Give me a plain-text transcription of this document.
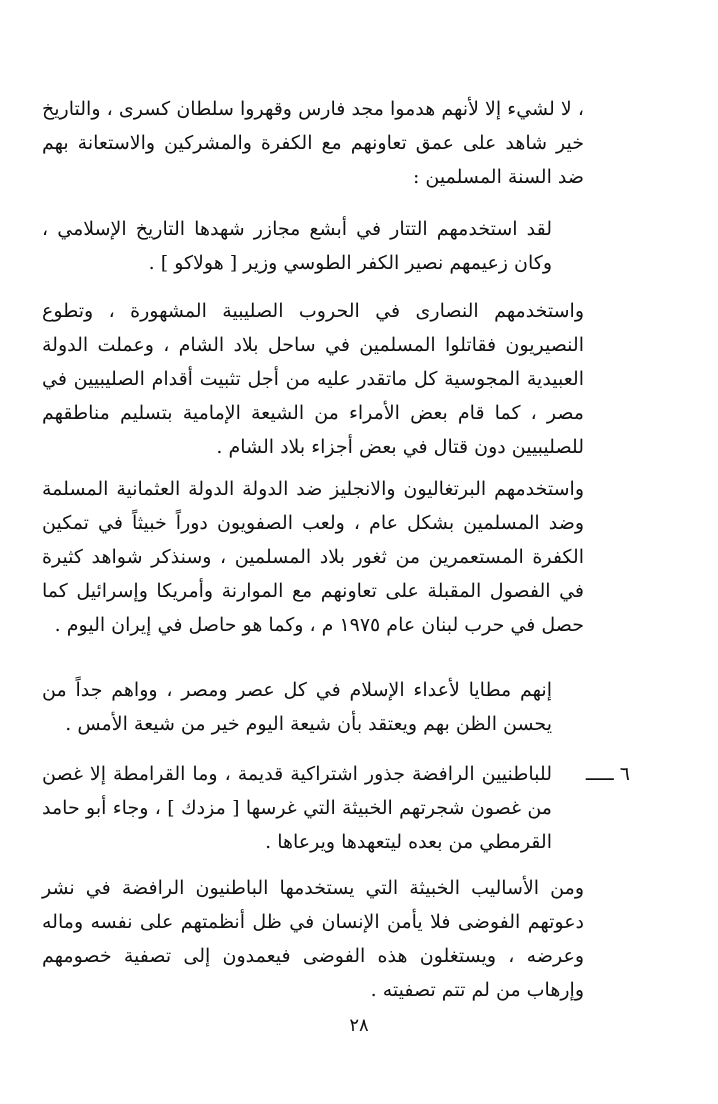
، لا لشيء إلا لأنهم هدموا مجد فارس وقهروا سلطان كسرى ، والتاريخ خير شاهد على عمق تعاونهم مع الكفرة والمشركين والاستعانة بهم ضد السنة المسلمين :

لقد استخدمهم التتار في أبشع مجازر شهدها التاريخ الإسلامي ، وكان زعيمهم نصير الكفر الطوسي وزير [ هولاكو ] .

واستخدمهم النصارى في الحروب الصليبية المشهورة ، وتطوع النصيريون فقاتلوا المسلمين في ساحل بلاد الشام ، وعملت الدولة العبيدية المجوسية كل ماتقدر عليه من أجل تثبيت أقدام الصليبيين في مصر ، كما قام بعض الأمراء من الشيعة الإمامية بتسليم مناطقهم للصليبيين دون قتال في بعض أجزاء بلاد الشام .

واستخدمهم البرتغاليون والانجليز ضد الدولة الدولة العثمانية المسلمة وضد المسلمين بشكل عام ، ولعب الصفويون دوراً خبيثاً في تمكين الكفرة المستعمرين من ثغور بلاد المسلمين ، وسنذكر شواهد كثيرة في الفصول المقبلة على تعاونهم مع الموارنة وأمريكا وإسرائيل كما حصل في حرب لبنان عام ١٩٧٥ م ، وكما هو حاصل في إيران اليوم .

إنهم مطايا لأعداء الإسلام في كل عصر ومصر ، وواهم جداً من يحسن الظن بهم ويعتقد بأن شيعة اليوم خير من شيعة الأمس .

٦ ـــــ

للباطنيين الرافضة جذور اشتراكية قديمة ، وما القرامطة إلا غصن من غصون شجرتهم الخبيثة التي غرسها [ مزدك ] ، وجاء أبو حامد القرمطي من بعده ليتعهدها ويرعاها .

ومن الأساليب الخبيثة التي يستخدمها الباطنيون الرافضة في نشر دعوتهم الفوضى فلا يأمن الإنسان في ظل أنظمتهم على نفسه وماله وعرضه ، ويستغلون هذه الفوضى فيعمدون إلى تصفية خصومهم وإرهاب من لم تتم تصفيته .

٢٨
